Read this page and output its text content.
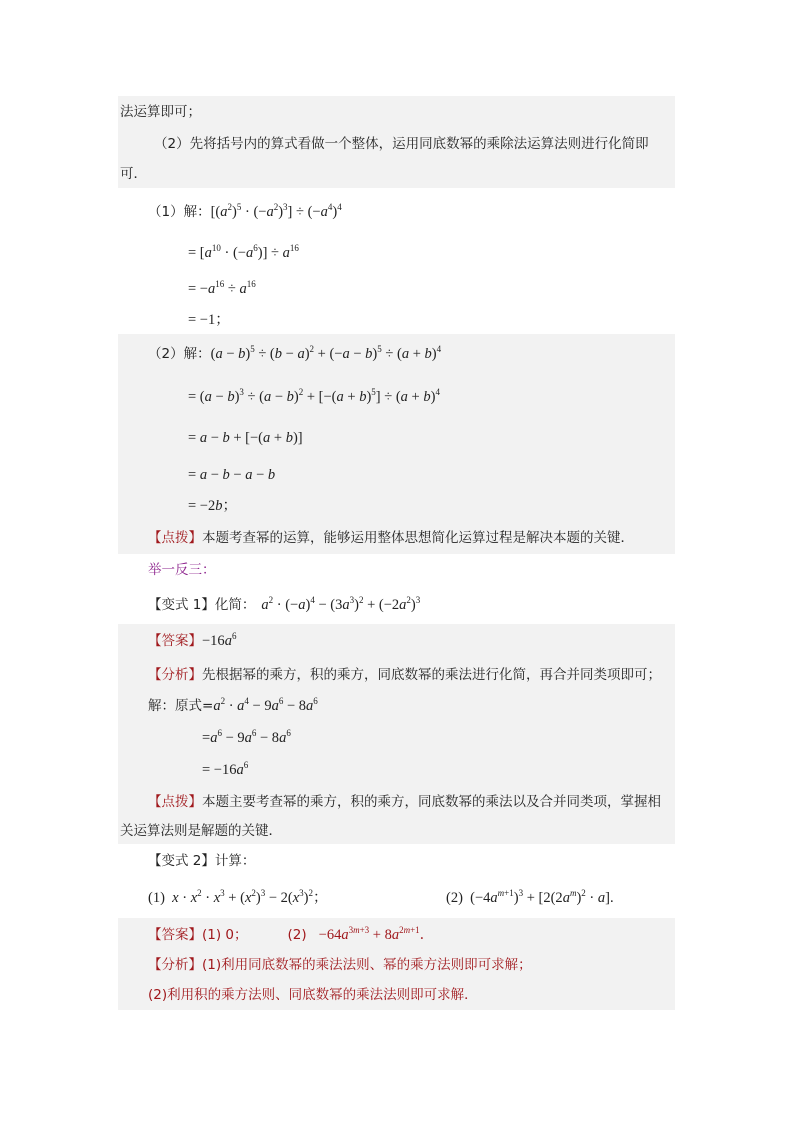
法运算即可；
（2）先将括号内的算式看做一个整体，运用同底数幂的乘除法运算法则进行化简即
可．
（1）解：$[(a^2)^5 \cdot (-a^2)^3] \div (-a^4)^4$
= $[a^{10} \cdot (-a^6)] \div a^{16}$
= $-a^{16} \div a^{16}$
= −1；
（2）解：$(a - b)^5 \div (b - a)^2 + (-a - b)^5 \div (a + b)^4$
= $(a - b)^3 \div (a - b)^2 + [-(a + b)^5] \div (a + b)^4$
= a − b + [−(a + b)]
= a − b − a − b
= −2b；
【点拨】本题考查幂的运算，能够运用整体思想简化运算过程是解决本题的关键．
举一反三：
【变式 1】化简： $a^2 \cdot (-a)^4 - (3a^3)^2 + (-2a^2)^3$
【答案】$-16a^6$
【分析】先根据幂的乘方，积的乘方，同底数幂的乘法进行化简，再合并同类项即可；
解：原式$=a^2 \cdot a^4 - 9a^6 - 8a^6$
$=a^6 - 9a^6 - 8a^6$
= $-16a^6$
【点拨】本题主要考查幂的乘方，积的乘方，同底数幂的乘法以及合并同类项，掌握相
关运算法则是解题的关键．
【变式 2】计算：
(1)  $x \cdot x^2 \cdot x^3 + (x^2)^3 - 2(x^3)^2$；	(2)  $(-4a^{m+1})^3 + [2(2a^m)^2 \cdot a]$.
【答案】(1) 0；	$(2) -64a^{3m+3} + 8a^{2m+1}$．
【分析】(1)利用同底数幂的乘法法则、幂的乘方法则即可求解；
(2)利用积的乘方法则、同底数幂的乘法法则即可求解．
